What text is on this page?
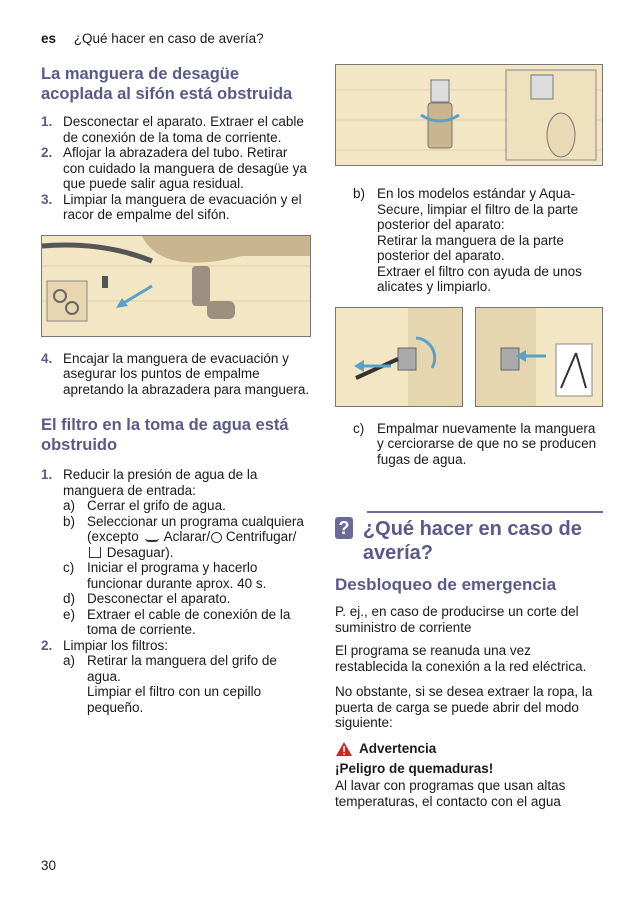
es ¿Qué hacer en caso de avería?
La manguera de desagüe acoplada al sifón está obstruida
1. Desconectar el aparato. Extraer el cable de conexión de la toma de corriente.
2. Aflojar la abrazadera del tubo. Retirar con cuidado la manguera de desagüe ya que puede salir agua residual.
3. Limpiar la manguera de evacuación y el racor de empalme del sifón.
4. Encajar la manguera de evacuación y asegurar los puntos de empalme apretando la abrazadera para manguera.
El filtro en la toma de agua está obstruido
1. Reducir la presión de agua de la manguera de entrada:
a) Cerrar el grifo de agua.
b) Seleccionar un programa cualquiera (excepto Aclarar/ Centrifugar/ Desaguar).
c) Iniciar el programa y hacerlo funcionar durante aprox. 40 s.
d) Desconectar el aparato.
e) Extraer el cable de conexión de la toma de corriente.
2. Limpiar los filtros:
a) Retirar la manguera del grifo de agua.
Limpiar el filtro con un cepillo pequeño.
b) En los modelos estándar y Aqua-Secure, limpiar el filtro de la parte posterior del aparato:
Retirar la manguera de la parte posterior del aparato.
Extraer el filtro con ayuda de unos alicates y limpiarlo.
c) Empalmar nuevamente la manguera y cerciorarse de que no se producen fugas de agua.
? ¿Qué hacer en caso de avería?
Desbloqueo de emergencia

P. ej., en caso de producirse un corte del suministro de corriente

El programa se reanuda una vez restablecida la conexión a la red eléctrica.

No obstante, si se desea extraer la ropa, la puerta de carga se puede abrir del modo siguiente:

Advertencia

¡Peligro de quemaduras!

Al lavar con programas que usan altas temperaturas, el contacto con el agua

30
